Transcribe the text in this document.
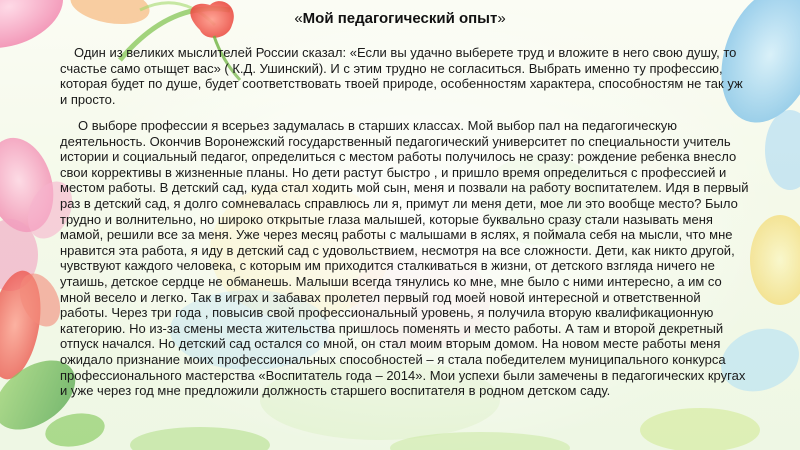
«Мой педагогический опыт»

Один из великих мыслителей России сказал: «Если вы удачно выберете труд и вложите в него свою душу, то счастье само отыщет вас» ( К.Д. Ушинский). И с этим трудно не согласиться. Выбрать именно ту профессию, которая будет по душе, будет соответствовать твоей природе, особенностям характера, способностям не так уж и просто.

О выборе профессии я всерьез задумалась в старших классах. Мой выбор пал на педагогическую деятельность. Окончив Воронежский государственный педагогический университет по специальности учитель истории и социальный педагог, определиться с местом работы получилось не сразу: рождение ребенка внесло свои коррективы в жизненные планы. Но дети растут быстро , и пришло время определиться с профессией и местом работы. В детский сад, куда стал ходить мой сын, меня и позвали на работу воспитателем. Идя в первый раз в детский сад, я долго сомневалась справлюсь ли я, примут ли меня дети, мое ли это вообще место? Было трудно и волнительно, но широко открытые глаза малышей, которые буквально сразу стали называть меня мамой, решили все за меня. Уже через месяц работы с малышами в яслях, я поймала себя на мысли, что мне нравится эта работа, я иду в детский сад с удовольствием, несмотря на все сложности. Дети, как никто другой, чувствуют каждого человека, с которым им приходится сталкиваться в жизни, от детского взгляда ничего не утаишь, детское сердце не обманешь. Малыши всегда тянулись ко мне, мне было с ними интересно, а им со мной весело и легко. Так в играх и забавах пролетел первый год моей новой интересной и ответственной работы. Через три года , повысив свой профессиональный уровень, я получила вторую квалификационную категорию. Но из-за смены места жительства пришлось поменять и место работы. А там и второй декретный отпуск начался. Но детский сад остался со мной, он стал моим вторым домом. На новом месте работы меня ожидало признание моих профессиональных способностей – я стала победителем муниципального конкурса профессионального мастерства «Воспитатель года – 2014». Мои успехи были замечены в педагогических кругах и уже через год мне предложили должность старшего воспитателя в родном детском саду.
